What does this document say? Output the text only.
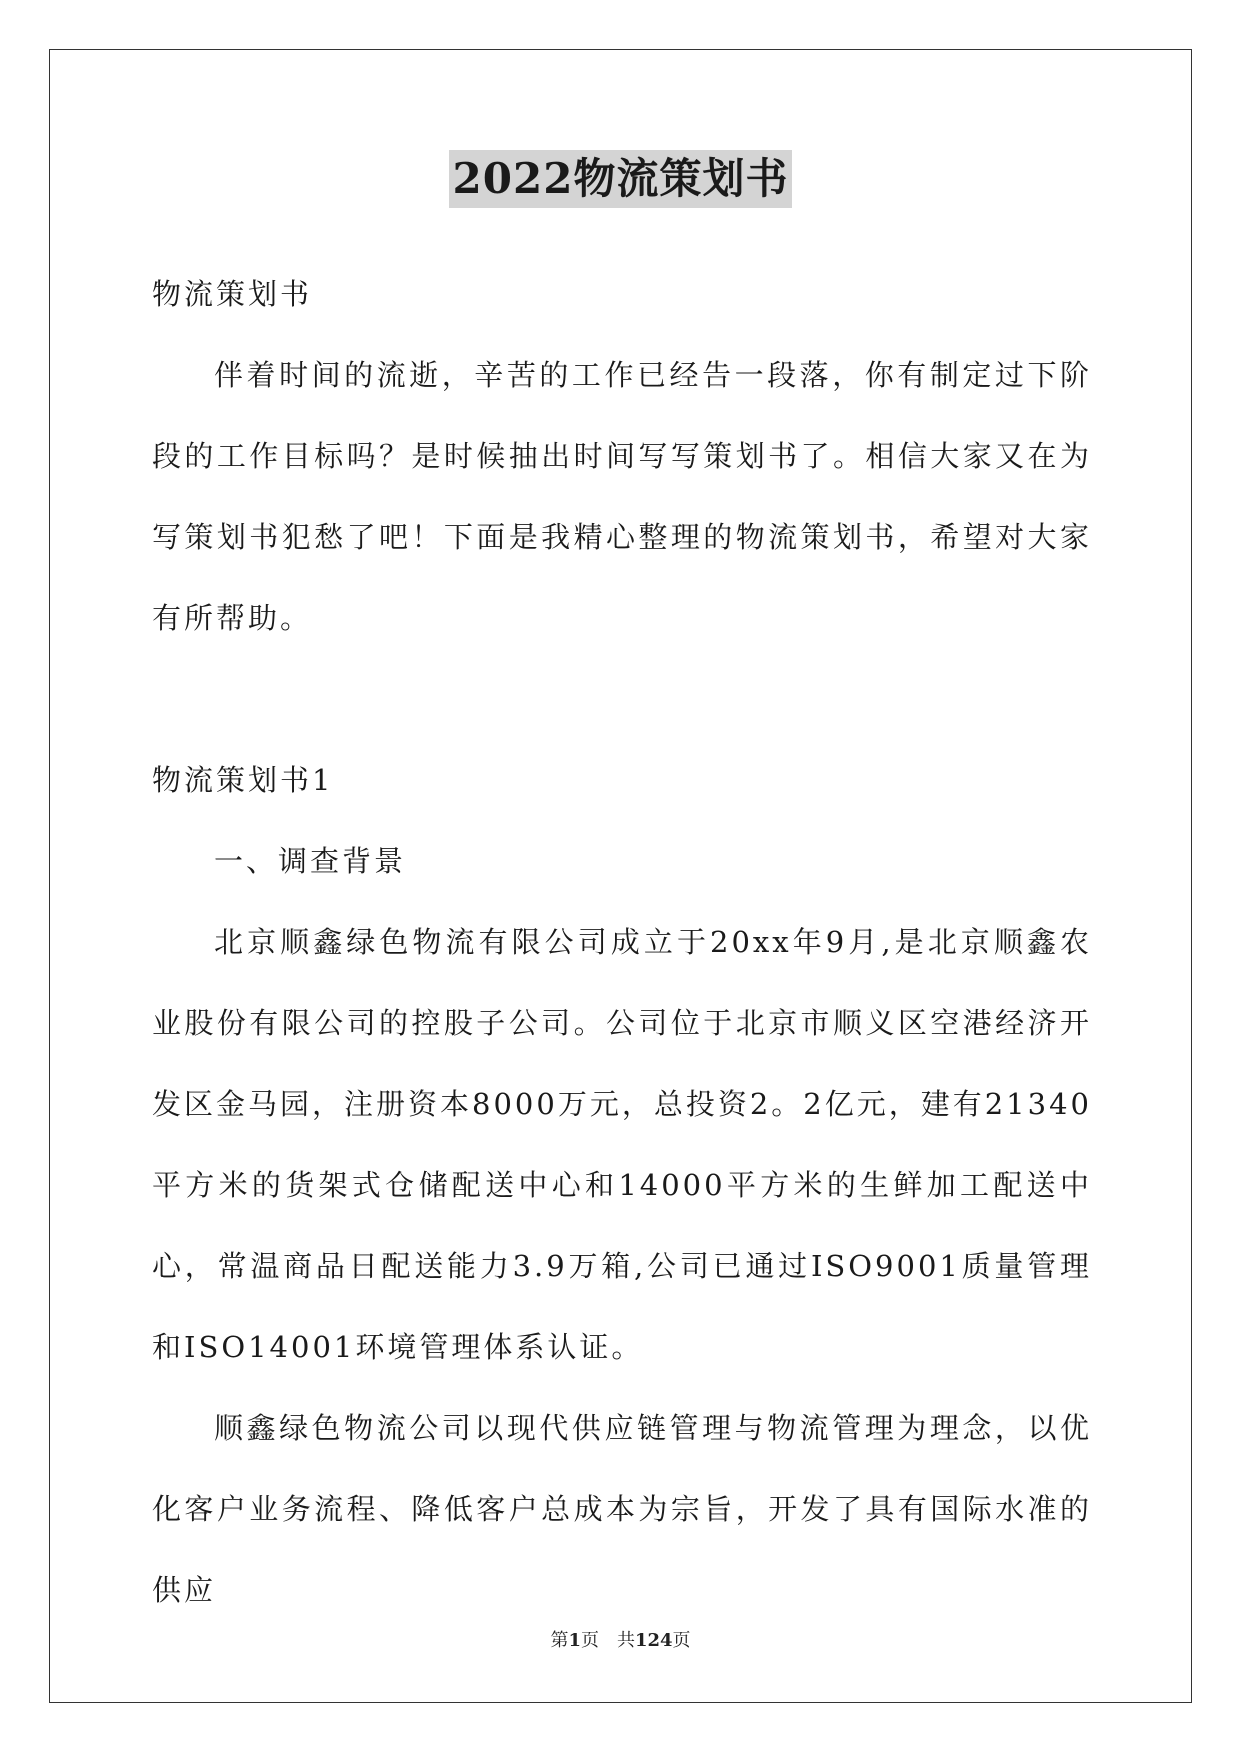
2022物流策划书

物流策划书

伴着时间的流逝，辛苦的工作已经告一段落，你有制定过下阶段的工作目标吗？是时候抽出时间写写策划书了。相信大家又在为写策划书犯愁了吧！下面是我精心整理的物流策划书，希望对大家有所帮助。

物流策划书1

一、调查背景

北京顺鑫绿色物流有限公司成立于20xx年9月,是北京顺鑫农业股份有限公司的控股子公司。公司位于北京市顺义区空港经济开发区金马园，注册资本8000万元，总投资2。2亿元，建有21340平方米的货架式仓储配送中心和14000平方米的生鲜加工配送中心，常温商品日配送能力3.9万箱,公司已通过ISO9001质量管理和ISO14001环境管理体系认证。

顺鑫绿色物流公司以现代供应链管理与物流管理为理念，以优化客户业务流程、降低客户总成本为宗旨，开发了具有国际水准的供应

第1页 共124页
